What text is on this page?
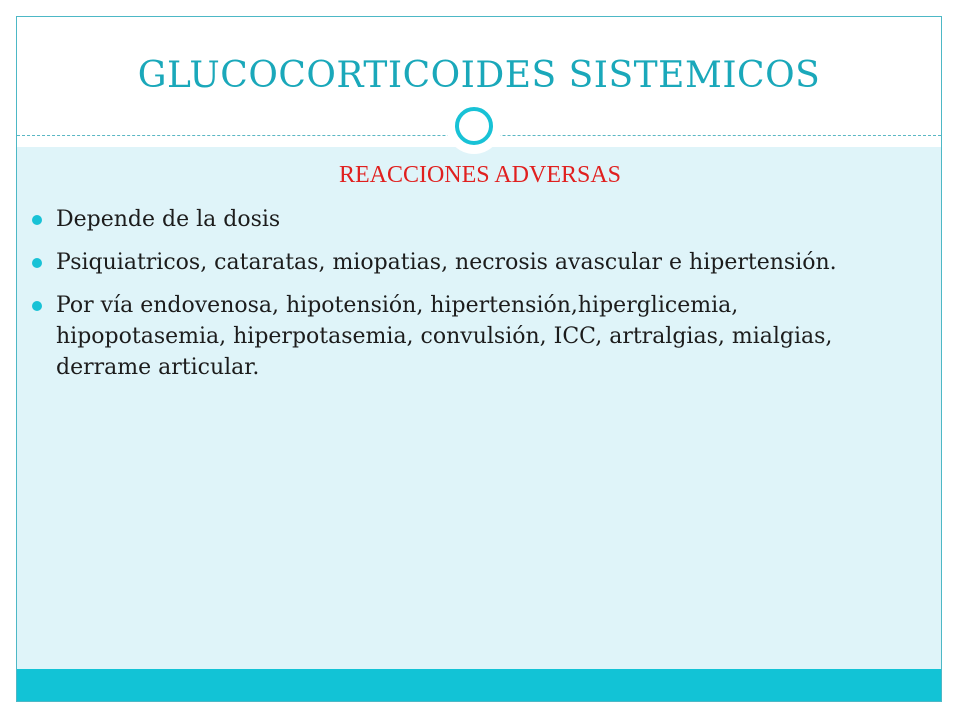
GLUCOCORTICOIDES SISTEMICOS
REACCIONES ADVERSAS
Depende de la dosis
Psiquiatricos, cataratas, miopatias, necrosis avascular e hipertensión.
Por vía endovenosa, hipotensión, hipertensión,hiperglicemia, hipopotasemia, hiperpotasemia, convulsión, ICC, artralgias, mialgias, derrame articular.
